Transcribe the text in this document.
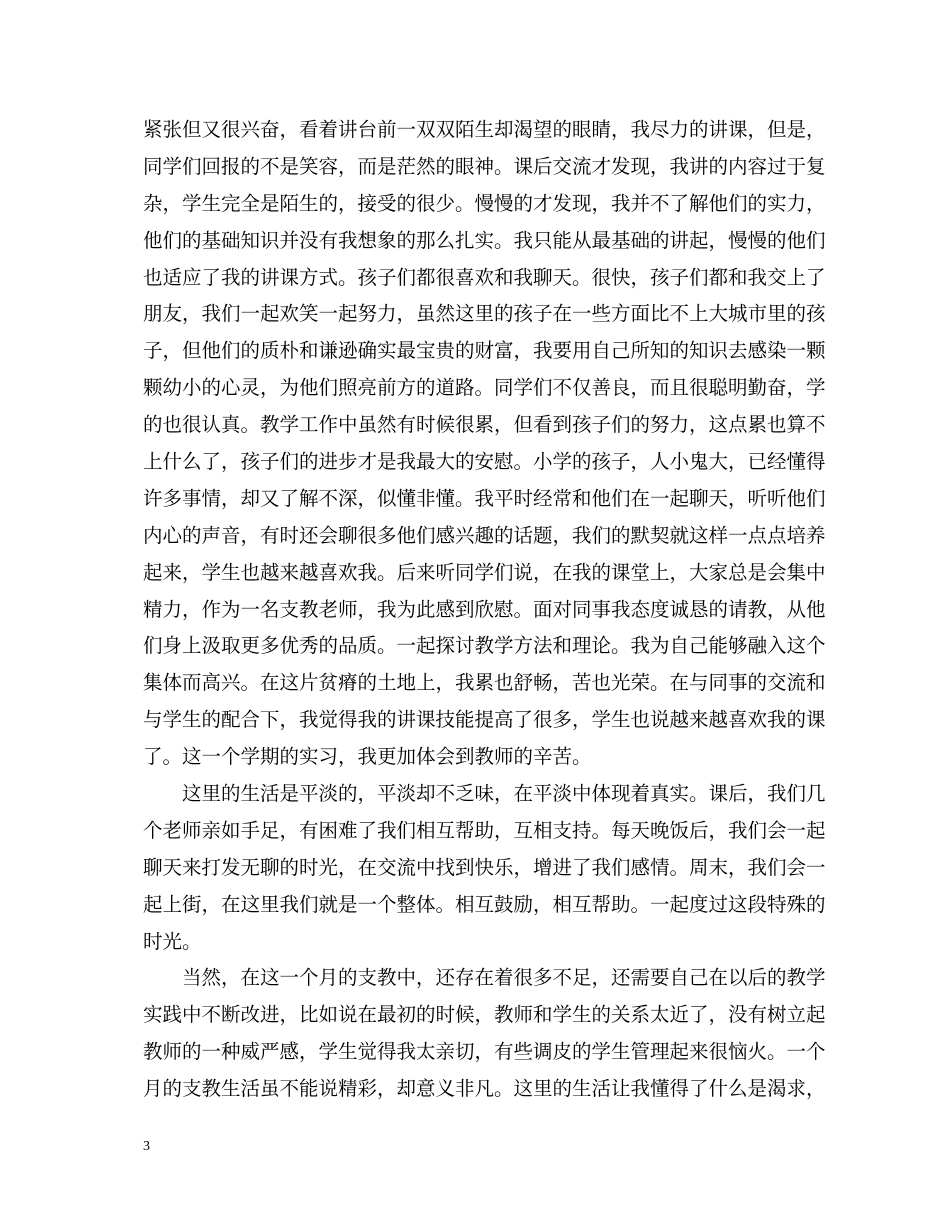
紧张但又很兴奋，看着讲台前一双双陌生却渴望的眼睛，我尽力的讲课，但是，
同学们回报的不是笑容，而是茫然的眼神。课后交流才发现，我讲的内容过于复
杂，学生完全是陌生的，接受的很少。慢慢的才发现，我并不了解他们的实力，
他们的基础知识并没有我想象的那么扎实。我只能从最基础的讲起，慢慢的他们
也适应了我的讲课方式。孩子们都很喜欢和我聊天。很快，孩子们都和我交上了
朋友，我们一起欢笑一起努力，虽然这里的孩子在一些方面比不上大城市里的孩
子，但他们的质朴和谦逊确实最宝贵的财富，我要用自己所知的知识去感染一颗
颗幼小的心灵，为他们照亮前方的道路。同学们不仅善良，而且很聪明勤奋，学
的也很认真。教学工作中虽然有时候很累，但看到孩子们的努力，这点累也算不
上什么了，孩子们的进步才是我最大的安慰。小学的孩子，人小鬼大，已经懂得
许多事情，却又了解不深，似懂非懂。我平时经常和他们在一起聊天，听听他们
内心的声音，有时还会聊很多他们感兴趣的话题，我们的默契就这样一点点培养
起来，学生也越来越喜欢我。后来听同学们说，在我的课堂上，大家总是会集中
精力，作为一名支教老师，我为此感到欣慰。面对同事我态度诚恳的请教，从他
们身上汲取更多优秀的品质。一起探讨教学方法和理论。我为自己能够融入这个
集体而高兴。在这片贫瘠的土地上，我累也舒畅，苦也光荣。在与同事的交流和
与学生的配合下，我觉得我的讲课技能提高了很多，学生也说越来越喜欢我的课
了。这一个学期的实习，我更加体会到教师的辛苦。
这里的生活是平淡的，平淡却不乏味，在平淡中体现着真实。课后，我们几
个老师亲如手足，有困难了我们相互帮助，互相支持。每天晚饭后，我们会一起
聊天来打发无聊的时光，在交流中找到快乐，增进了我们感情。周末，我们会一
起上街，在这里我们就是一个整体。相互鼓励，相互帮助。一起度过这段特殊的
时光。
当然，在这一个月的支教中，还存在着很多不足，还需要自己在以后的教学
实践中不断改进，比如说在最初的时候，教师和学生的关系太近了，没有树立起
教师的一种威严感，学生觉得我太亲切，有些调皮的学生管理起来很恼火。一个
月的支教生活虽不能说精彩，却意义非凡。这里的生活让我懂得了什么是渴求，
3
